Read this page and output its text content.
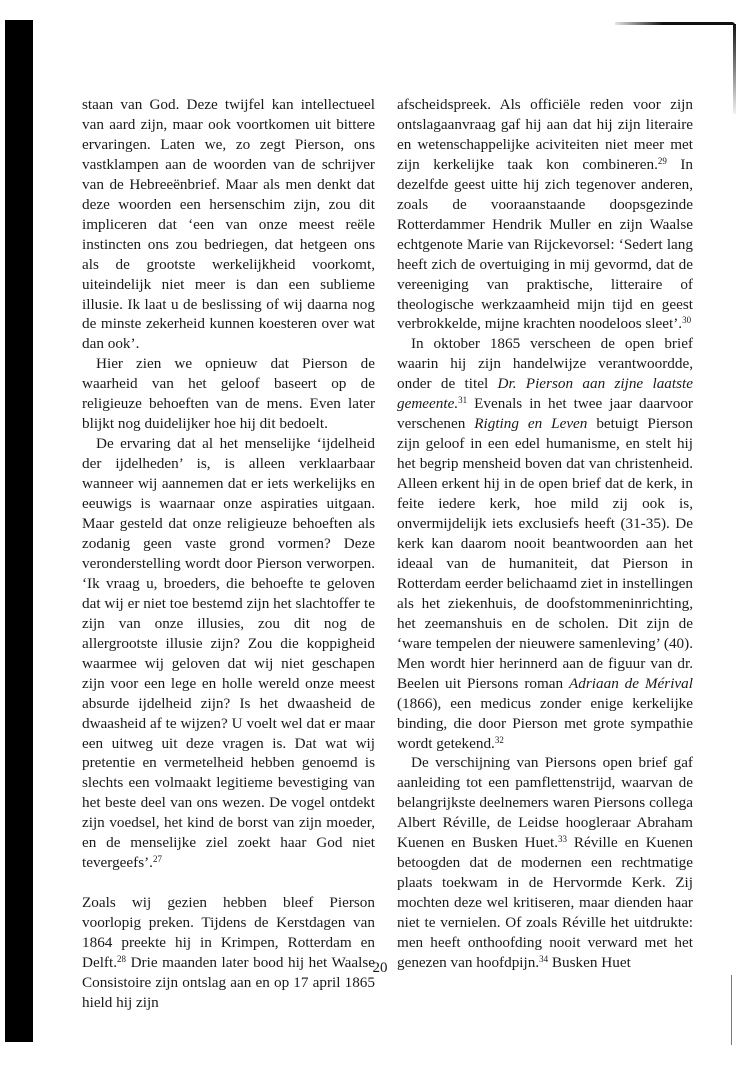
staan van God. Deze twijfel kan intellectueel van aard zijn, maar ook voortkomen uit bittere ervaringen. Laten we, zo zegt Pierson, ons vastklampen aan de woorden van de schrijver van de Hebreeënbrief. Maar als men denkt dat deze woorden een hersenschim zijn, zou dit impliceren dat ‘een van onze meest reële instincten ons zou bedriegen, dat hetgeen ons als de grootste werkelijkheid voorkomt, uiteindelijk niet meer is dan een sublieme illusie. Ik laat u de beslissing of wij daarna nog de minste zekerheid kunnen koesteren over wat dan ook’.

Hier zien we opnieuw dat Pierson de waarheid van het geloof baseert op de religieuze behoeften van de mens. Even later blijkt nog duidelijker hoe hij dit bedoelt.

De ervaring dat al het menselijke ‘ijdelheid der ijdelheden’ is, is alleen verklaarbaar wanneer wij aannemen dat er iets werkelijks en eeuwigs is waarnaar onze aspiraties uitgaan. Maar gesteld dat onze religieuze behoeften als zodanig geen vaste grond vormen? Deze veronderstelling wordt door Pierson verworpen. ‘Ik vraag u, broeders, die behoefte te geloven dat wij er niet toe bestemd zijn het slachtoffer te zijn van onze illusies, zou dit nog de allergrootste illusie zijn? Zou die koppigheid waarmee wij geloven dat wij niet geschapen zijn voor een lege en holle wereld onze meest absurde ijdelheid zijn? Is het dwaasheid de dwaasheid af te wijzen? U voelt wel dat er maar een uitweg uit deze vragen is. Dat wat wij pretentie en vermetelheid hebben genoemd is slechts een volmaakt legitieme bevestiging van het beste deel van ons wezen. De vogel ontdekt zijn voedsel, het kind de borst van zijn moeder, en de menselijke ziel zoekt haar God niet tevergeefs’.$^{27}$

Zoals wij gezien hebben bleef Pierson voorlopig preken. Tijdens de Kerstdagen van 1864 preekte hij in Krimpen, Rotterdam en Delft.$^{28}$ Drie maanden later bood hij het Waalse Consistoire zijn ontslag aan en op 17 april 1865 hield hij zijn

afscheidspreek. Als officiële reden voor zijn ontslagaanvraag gaf hij aan dat hij zijn literaire en wetenschappelijke aciviteiten niet meer met zijn kerkelijke taak kon combineren.$^{29}$ In dezelfde geest uitte hij zich tegenover anderen, zoals de vooraanstaande doopsgezinde Rotterdammer Hendrik Muller en zijn Waalse echtgenote Marie van Rijckevorsel: ‘Sedert lang heeft zich de overtuiging in mij gevormd, dat de vereeniging van praktische, litteraire of theologische werkzaamheid mijn tijd en geest verbrokkelde, mijne krachten noodeloos sleet’.$^{30}$

In oktober 1865 verscheen de open brief waarin hij zijn handelwijze verantwoordde, onder de titel Dr. Pierson aan zijne laatste gemeente.$^{31}$ Evenals in het twee jaar daarvoor verschenen Rigting en Leven betuigt Pierson zijn geloof in een edel humanisme, en stelt hij het begrip mensheid boven dat van christenheid. Alleen erkent hij in de open brief dat de kerk, in feite iedere kerk, hoe mild zij ook is, onvermijdelijk iets exclusiefs heeft (31-35). De kerk kan daarom nooit beantwoorden aan het ideaal van de humaniteit, dat Pierson in Rotterdam eerder belichaamd ziet in instellingen als het ziekenhuis, de doofstommeninrichting, het zeemanshuis en de scholen. Dit zijn de ‘ware tempelen der nieuwere samenleving’ (40). Men wordt hier herinnerd aan de figuur van dr. Beelen uit Piersons roman Adriaan de Mérival (1866), een medicus zonder enige kerkelijke binding, die door Pierson met grote sympathie wordt getekend.$^{32}$

De verschijning van Piersons open brief gaf aanleiding tot een pamflettenstrijd, waarvan de belangrijkste deelnemers waren Piersons collega Albert Réville, de Leidse hoogleraar Abraham Kuenen en Busken Huet.$^{33}$ Réville en Kuenen betoogden dat de modernen een rechtmatige plaats toekwam in de Hervormde Kerk. Zij mochten deze wel kritiseren, maar dienden haar niet te vernielen. Of zoals Réville het uitdrukte: men heeft onthoofding nooit verward met het genezen van hoofdpijn.$^{34}$ Busken Huet

20
